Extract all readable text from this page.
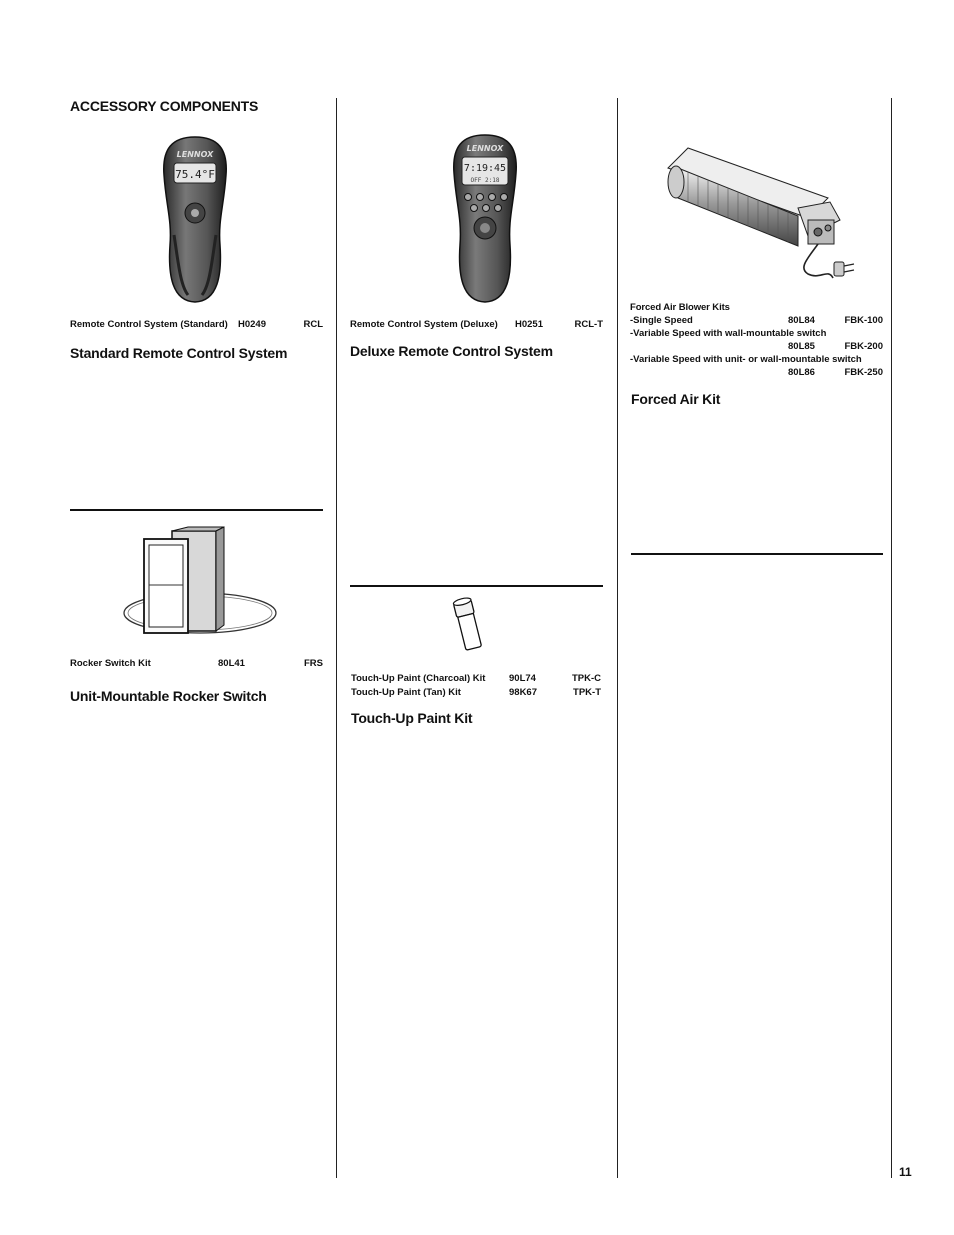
ACCESSORY COMPONENTS
LENNOX
75.4°F
Remote Control System (Standard) H0249	RCL
Standard Remote Control System
Rocker Switch Kit	80L41	FRS
Unit-Mountable Rocker Switch
LENNOX
7:19:45
OFF 2:18
Remote Control System (Deluxe) H0251	RCL-T
Deluxe Remote Control System
Touch-Up Paint (Charcoal) Kit 90L74	TPK-C
Touch-Up Paint (Tan) Kit	98K67	TPK-T
Touch-Up Paint Kit
Forced Air Blower Kits
-Single Speed	80L84	FBK-100
-Variable Speed with wall-mountable switch
80L85	FBK-200
-Variable Speed with unit- or wall-mountable switch
80L86	FBK-250
Forced Air Kit
11
